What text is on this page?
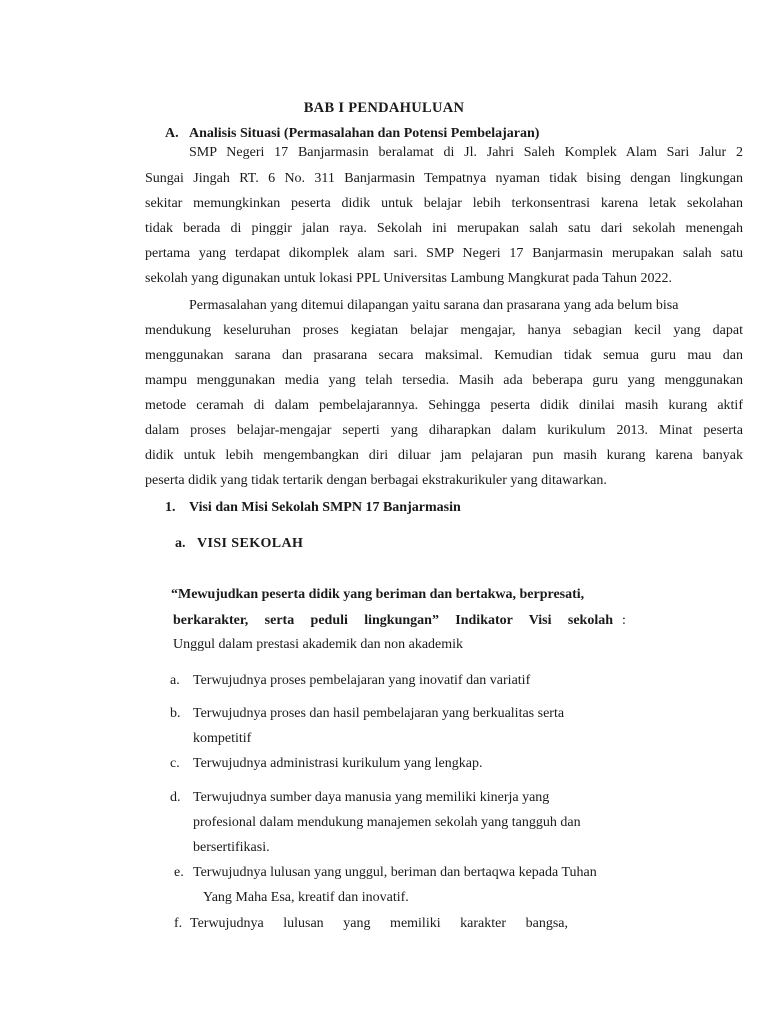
BAB I PENDAHULUAN
A. Analisis Situasi (Permasalahan dan Potensi Pembelajaran)
SMP Negeri 17 Banjarmasin beralamat di Jl. Jahri Saleh Komplek Alam Sari Jalur 2
Sungai Jingah RT. 6 No. 311 Banjarmasin Tempatnya nyaman tidak bising dengan lingkungan
sekitar memungkinkan peserta didik untuk belajar lebih terkonsentrasi karena letak sekolahan
tidak berada di pinggir jalan raya. Sekolah ini merupakan salah satu dari sekolah menengah
pertama yang terdapat dikomplek alam sari. SMP Negeri 17 Banjarmasin merupakan salah satu
sekolah yang digunakan untuk lokasi PPL Universitas Lambung Mangkurat pada Tahun 2022.
Permasalahan yang ditemui dilapangan yaitu sarana dan prasarana yang ada belum bisa
mendukung keseluruhan proses kegiatan belajar mengajar, hanya sebagian kecil yang dapat
menggunakan sarana dan prasarana secara maksimal. Kemudian tidak semua guru mau dan
mampu menggunakan media yang telah tersedia. Masih ada beberapa guru yang menggunakan
metode ceramah di dalam pembelajarannya. Sehingga peserta didik dinilai masih kurang aktif
dalam proses belajar-mengajar seperti yang diharapkan dalam kurikulum 2013. Minat peserta
didik untuk lebih mengembangkan diri diluar jam pelajaran pun masih kurang karena banyak
peserta didik yang tidak tertarik dengan berbagai ekstrakurikuler yang ditawarkan.
1. Visi dan Misi Sekolah SMPN 17 Banjarmasin
a. VISI SEKOLAH
“Mewujudkan peserta didik yang beriman dan bertakwa, berpresati,
berkarakter, serta peduli lingkungan” Indikator Visi sekolah :
Unggul dalam prestasi akademik dan non akademik
a. Terwujudnya proses pembelajaran yang inovatif dan variatif
b. Terwujudnya proses dan hasil pembelajaran yang berkualitas serta
kompetitif
c. Terwujudnya administrasi kurikulum yang lengkap.
d. Terwujudnya sumber daya manusia yang memiliki kinerja yang
profesional dalam mendukung manajemen sekolah yang tangguh dan
bersertifikasi.
e. Terwujudnya lulusan yang unggul, beriman dan bertaqwa kepada Tuhan
Yang Maha Esa, kreatif dan inovatif.
f. Terwujudnya lulusan yang memiliki karakter bangsa,
